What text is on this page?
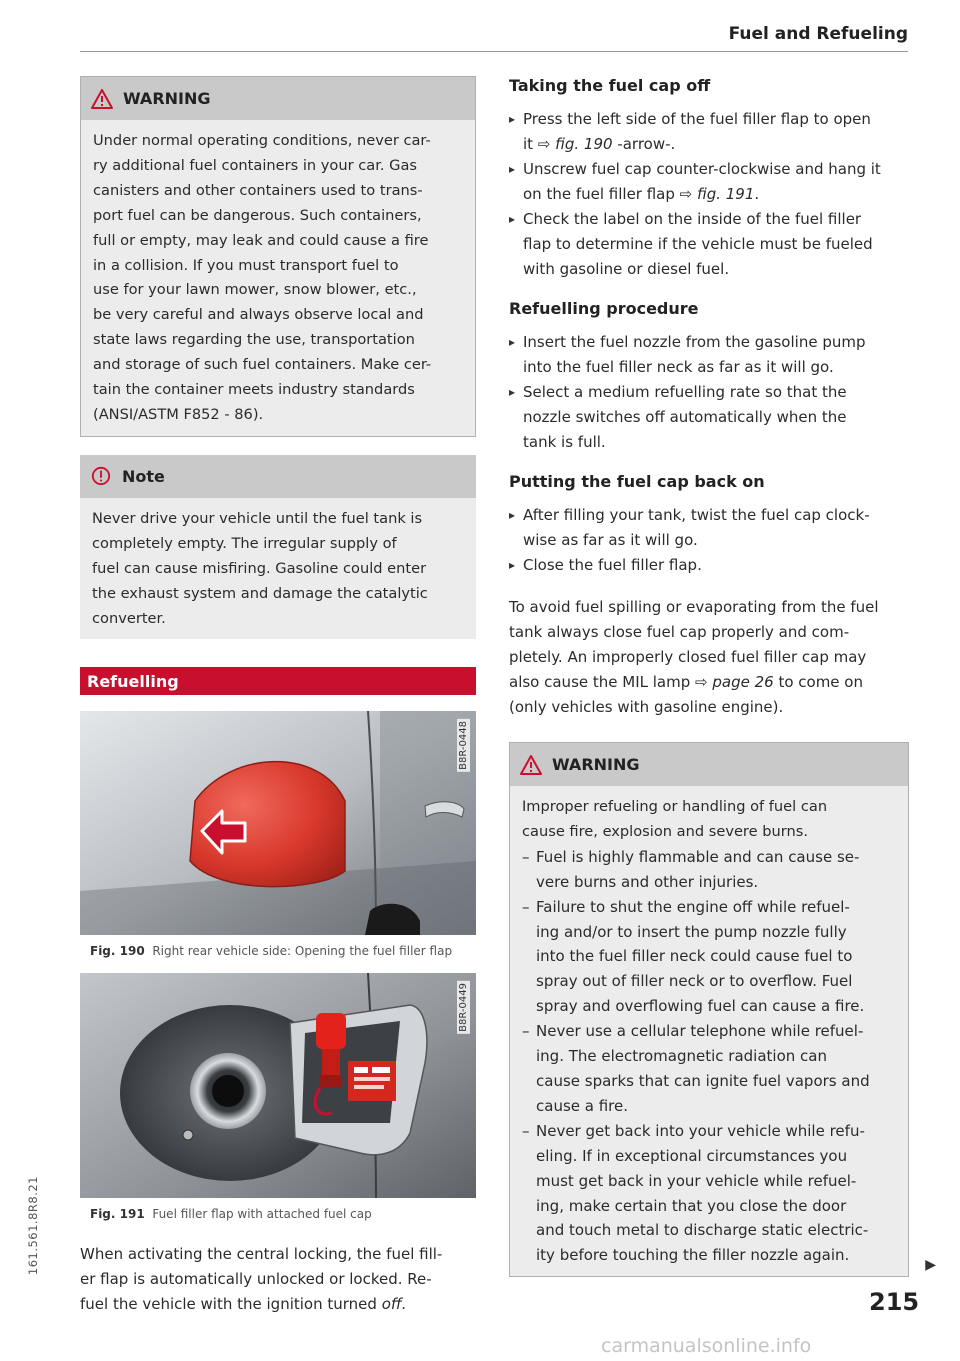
Fuel and Refueling
WARNING
Under normal operating conditions, never car-
ry additional fuel containers in your car. Gas
canisters and other containers used to trans-
port fuel can be dangerous. Such containers,
full or empty, may leak and could cause a fire
in a collision. If you must transport fuel to
use for your lawn mower, snow blower, etc.,
be very careful and always observe local and
state laws regarding the use, transportation
and storage of such fuel containers. Make cer-
tain the container meets industry standards
(ANSI/ASTM F852 - 86).
Note
Never drive your vehicle until the fuel tank is
completely empty. The irregular supply of
fuel can cause misfiring. Gasoline could enter
the exhaust system and damage the catalytic
converter.
Refuelling
B8R-0448
Fig. 190 Right rear vehicle side: Opening the fuel filler flap
B8R-0449
Fig. 191 Fuel filler flap with attached fuel cap
When activating the central locking, the fuel fill-
er flap is automatically unlocked or locked. Re-
fuel the vehicle with the ignition turned off.
Taking the fuel cap off
▸ Press the left side of the fuel filler flap to open
it ⇨ fig. 190 -arrow-.
▸ Unscrew fuel cap counter-clockwise and hang it
on the fuel filler flap ⇨ fig. 191.
▸ Check the label on the inside of the fuel filler
flap to determine if the vehicle must be fueled
with gasoline or diesel fuel.
Refuelling procedure
▸ Insert the fuel nozzle from the gasoline pump
into the fuel filler neck as far as it will go.
▸ Select a medium refuelling rate so that the
nozzle switches off automatically when the
tank is full.
Putting the fuel cap back on
▸ After filling your tank, twist the fuel cap clock-
wise as far as it will go.
▸ Close the fuel filler flap.
To avoid fuel spilling or evaporating from the fuel
tank always close fuel cap properly and com-
pletely. An improperly closed fuel filler cap may
also cause the MIL lamp ⇨ page 26 to come on
(only vehicles with gasoline engine).
WARNING
Improper refueling or handling of fuel can
cause fire, explosion and severe burns.
– Fuel is highly flammable and can cause se-
vere burns and other injuries.
– Failure to shut the engine off while refuel-
ing and/or to insert the pump nozzle fully
into the fuel filler neck could cause fuel to
spray out of filler neck or to overflow. Fuel
spray and overflowing fuel can cause a fire.
– Never use a cellular telephone while refuel-
ing. The electromagnetic radiation can
cause sparks that can ignite fuel vapors and
cause a fire.
– Never get back into your vehicle while refu-
eling. If in exceptional circumstances you
must get back in your vehicle while refuel-
ing, make certain that you close the door
and touch metal to discharge static electric-
ity before touching the filler nozzle again.
▶
215
161.561.8R8.21
carmanualsonline.info
